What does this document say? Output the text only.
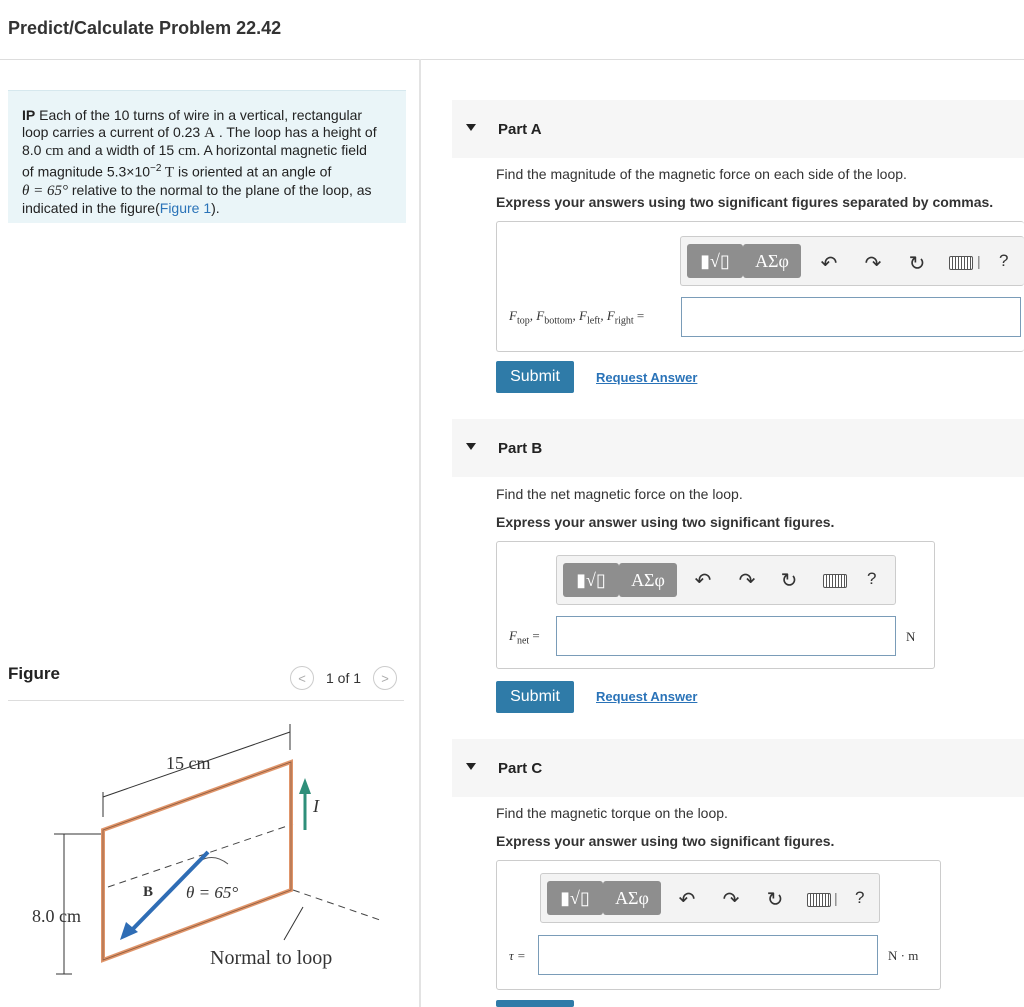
Predict/Calculate Problem 22.42
IP Each of the 10 turns of wire in a vertical, rectangular
loop carries a current of 0.23 A . The loop has a height of
8.0 cm and a width of 15 cm. A horizontal magnetic field
of magnitude $5.3\times 10^{-2}$ T is oriented at an angle of
θ = 65° relative to the normal to the plane of the loop, as
indicated in the figure(Figure 1).
Figure	<	1 of 1	>
15 cm
8.0 cm
I
B θ = 65°
Normal to loop
Part A
Find the magnitude of the magnetic force on each side of the loop.
Express your answers using two significant figures separated by commas.
▮√▯	ΑΣφ	↶ ↷ ↻	| ?
$F_{top}$, $F_{bottom}$, $F_{left}$, $F_{right}$ =
Submit	Request Answer
Part B
Find the net magnetic force on the loop.
Express your answer using two significant figures.
▮√▯	ΑΣφ	↶ ↷ ↻	?
$F_{net}$ =	N
Submit	Request Answer
Part C
Find the magnetic torque on the loop.
Express your answer using two significant figures.
▮√▯	ΑΣφ	↶ ↷ ↻	| ?
τ =	N · m
